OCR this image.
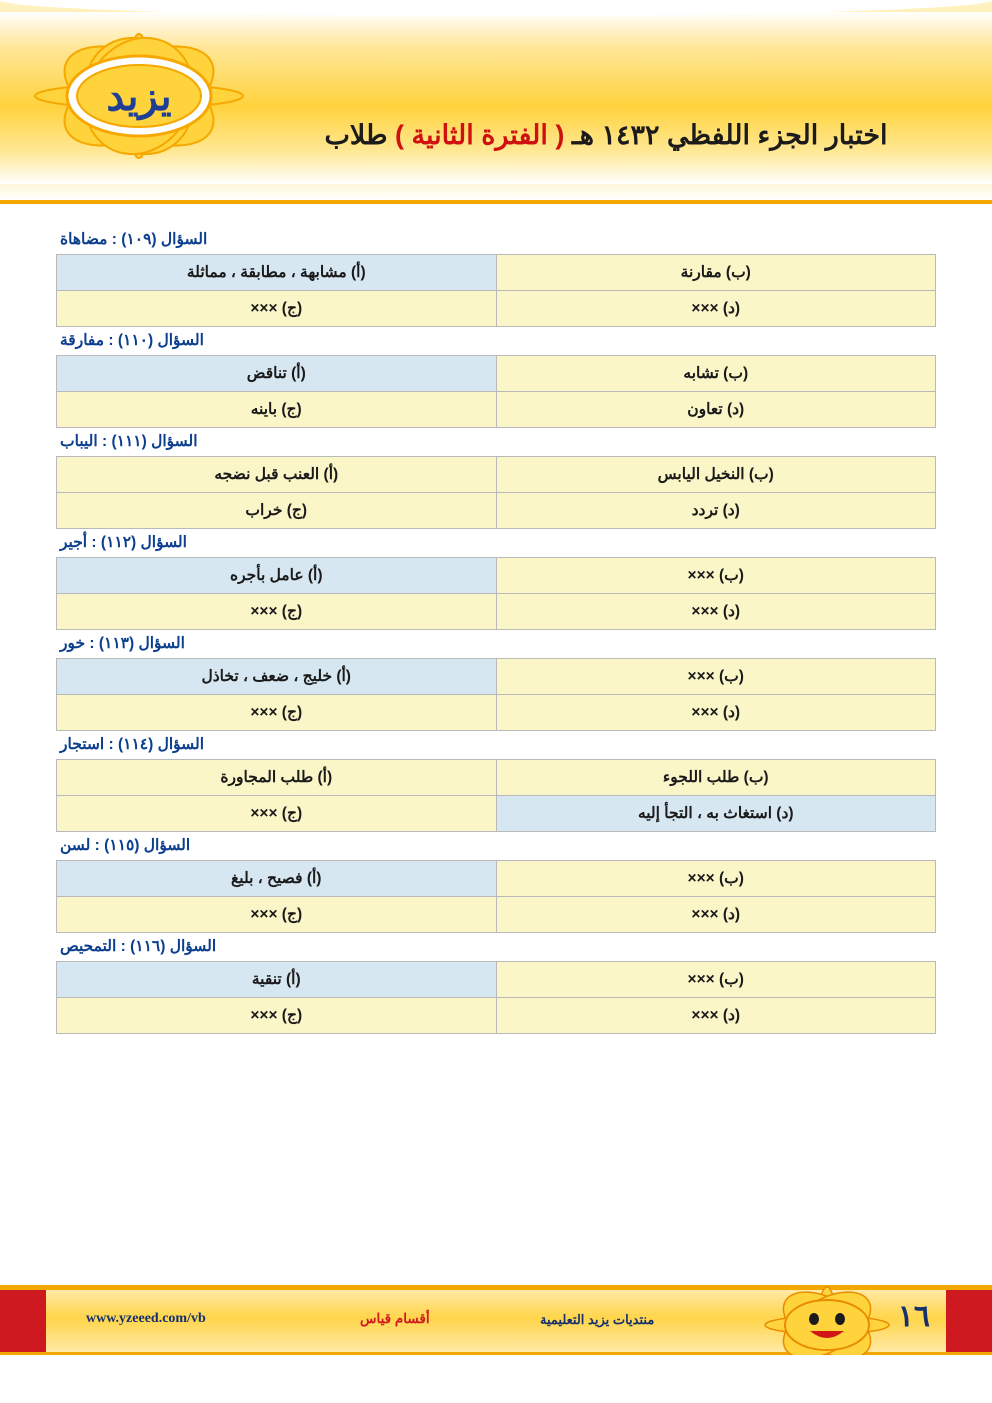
يزيد
اختبار الجزء اللفظي ١٤٣٢ هـ ( الفترة الثانية ) طلاب
السؤال (١٠٩) : مضاهاة
(ب) مقارنة	(أ) مشابهة ، مطابقة ، مماثلة
(د) ×××	(ج) ×××
السؤال (١١٠) : مفارقة
(ب) تشابه	(أ) تناقض
(د) تعاون	(ج) باينه
السؤال (١١١) : اليباب
(ب) النخيل اليابس	(أ) العنب قبل نضجه
(د) تردد	(ج) خراب
السؤال (١١٢) : أجير
(ب) ×××	(أ) عامل بأجره
(د) ×××	(ج) ×××
السؤال (١١٣) : خور
(ب) ×××	(أ) خليج ، ضعف ، تخاذل
(د) ×××	(ج) ×××
السؤال (١١٤) : استجار
(ب) طلب اللجوء	(أ) طلب المجاورة
(د) استغاث به ، التجأ إليه	(ج) ×××
السؤال (١١٥) : لسن
(ب) ×××	(أ) فصيح ، بليغ
(د) ×××	(ج) ×××
السؤال (١١٦) : التمحيص
(ب) ×××	(أ) تنقية
(د) ×××	(ج) ×××
www.yzeeed.com/vb	أقسام قياس	منتديات يزيد التعليمية	١٦
